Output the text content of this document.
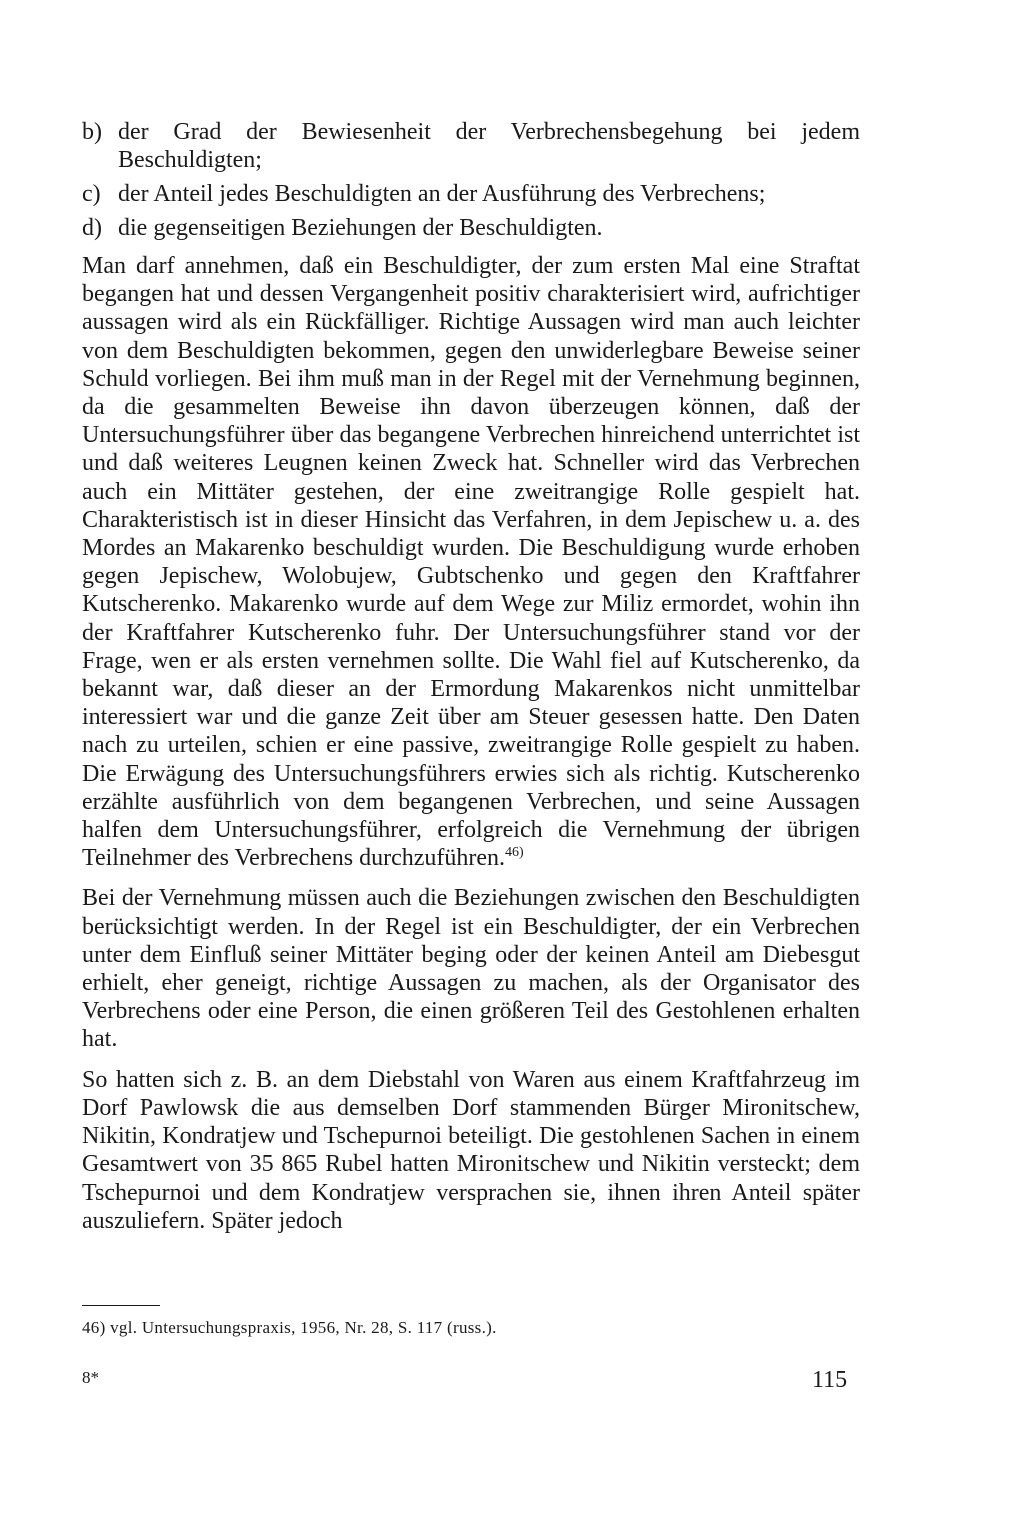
b) der Grad der Bewiesenheit der Verbrechensbegehung bei jedem Beschuldigten;
c) der Anteil jedes Beschuldigten an der Ausführung des Verbrechens;
d) die gegenseitigen Beziehungen der Beschuldigten.

Man darf annehmen, daß ein Beschuldigter, der zum ersten Mal eine Straftat begangen hat und dessen Vergangenheit positiv charakterisiert wird, aufrichtiger aussagen wird als ein Rückfälliger. Richtige Aussagen wird man auch leichter von dem Beschuldigten bekommen, gegen den unwiderlegbare Beweise seiner Schuld vorliegen. Bei ihm muß man in der Regel mit der Vernehmung beginnen, da die gesammelten Beweise ihn davon überzeugen können, daß der Untersuchungsführer über das begangene Verbrechen hinreichend unterrichtet ist und daß weiteres Leugnen keinen Zweck hat. Schneller wird das Verbrechen auch ein Mittäter gestehen, der eine zweitrangige Rolle gespielt hat. Charakteristisch ist in dieser Hinsicht das Verfahren, in dem Jepischew u. a. des Mordes an Makarenko beschuldigt wurden. Die Beschuldigung wurde erhoben gegen Jepischew, Wolobujew, Gubtschenko und gegen den Kraftfahrer Kutscherenko. Makarenko wurde auf dem Wege zur Miliz ermordet, wohin ihn der Kraftfahrer Kutscherenko fuhr. Der Untersuchungsführer stand vor der Frage, wen er als ersten vernehmen sollte. Die Wahl fiel auf Kutscherenko, da bekannt war, daß dieser an der Ermordung Makarenkos nicht unmittelbar interessiert war und die ganze Zeit über am Steuer gesessen hatte. Den Daten nach zu urteilen, schien er eine passive, zweitrangige Rolle gespielt zu haben. Die Erwägung des Untersuchungsführers erwies sich als richtig. Kutscherenko erzählte ausführlich von dem begangenen Verbrechen, und seine Aussagen halfen dem Untersuchungsführer, erfolgreich die Vernehmung der übrigen Teilnehmer des Verbrechens durchzuführen.$^{46)}$

Bei der Vernehmung müssen auch die Beziehungen zwischen den Beschuldigten berücksichtigt werden. In der Regel ist ein Beschuldigter, der ein Verbrechen unter dem Einfluß seiner Mittäter beging oder der keinen Anteil am Diebesgut erhielt, eher geneigt, richtige Aussagen zu machen, als der Organisator des Verbrechens oder eine Person, die einen größeren Teil des Gestohlenen erhalten hat.

So hatten sich z. B. an dem Diebstahl von Waren aus einem Kraftfahrzeug im Dorf Pawlowsk die aus demselben Dorf stammenden Bürger Mironitschew, Nikitin, Kondratjew und Tschepurnoi beteiligt. Die gestohlenen Sachen in einem Gesamtwert von 35 865 Rubel hatten Mironitschew und Nikitin versteckt; dem Tschepurnoi und dem Kondratjew versprachen sie, ihnen ihren Anteil später auszuliefern. Später jedoch

46) vgl. Untersuchungspraxis, 1956, Nr. 28, S. 117 (russ.).
8*	115
